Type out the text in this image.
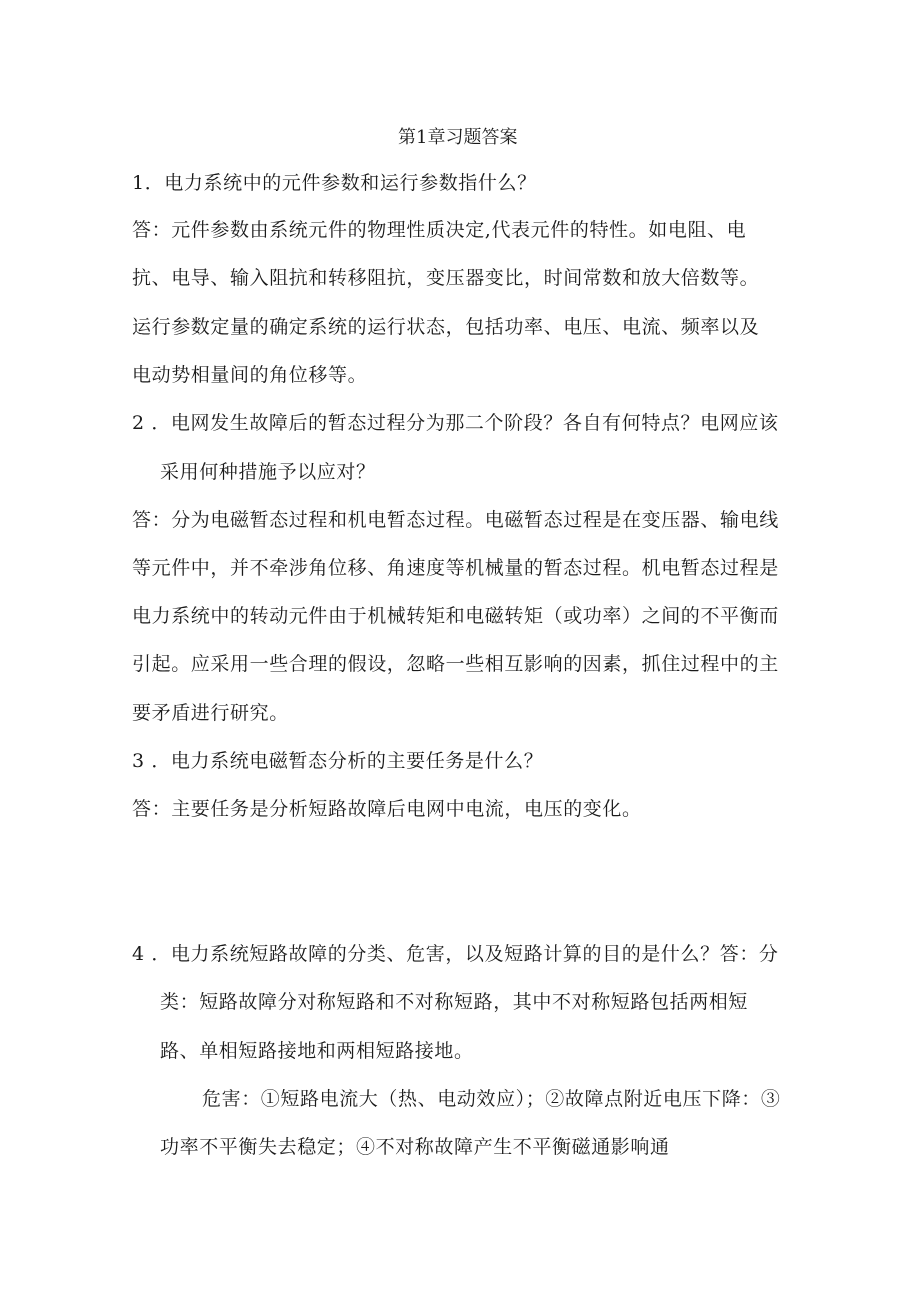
第1章习题答案
1．电力系统中的元件参数和运行参数指什么？
答：元件参数由系统元件的物理性质决定,代表元件的特性。如电阻、电
抗、电导、输入阻抗和转移阻抗，变压器变比，时间常数和放大倍数等。
运行参数定量的确定系统的运行状态，包括功率、电压、电流、频率以及
电动势相量间的角位移等。
2 ．电网发生故障后的暂态过程分为那二个阶段？各自有何特点？电网应该
采用何种措施予以应对？
答：分为电磁暂态过程和机电暂态过程。电磁暂态过程是在变压器、输电线
等元件中，并不牵涉角位移、角速度等机械量的暂态过程。机电暂态过程是
电力系统中的转动元件由于机械转矩和电磁转矩（或功率）之间的不平衡而
引起。应采用一些合理的假设，忽略一些相互影响的因素，抓住过程中的主
要矛盾进行研究。
3 ．电力系统电磁暂态分析的主要任务是什么？
答：主要任务是分析短路故障后电网中电流，电压的变化。
4 ．电力系统短路故障的分类、危害，以及短路计算的目的是什么？答：分
类：短路故障分对称短路和不对称短路，其中不对称短路包括两相短
路、单相短路接地和两相短路接地。
危害：①短路电流大（热、电动效应）；②故障点附近电压下降：③
功率不平衡失去稳定；④不对称故障产生不平衡磁通影响通
